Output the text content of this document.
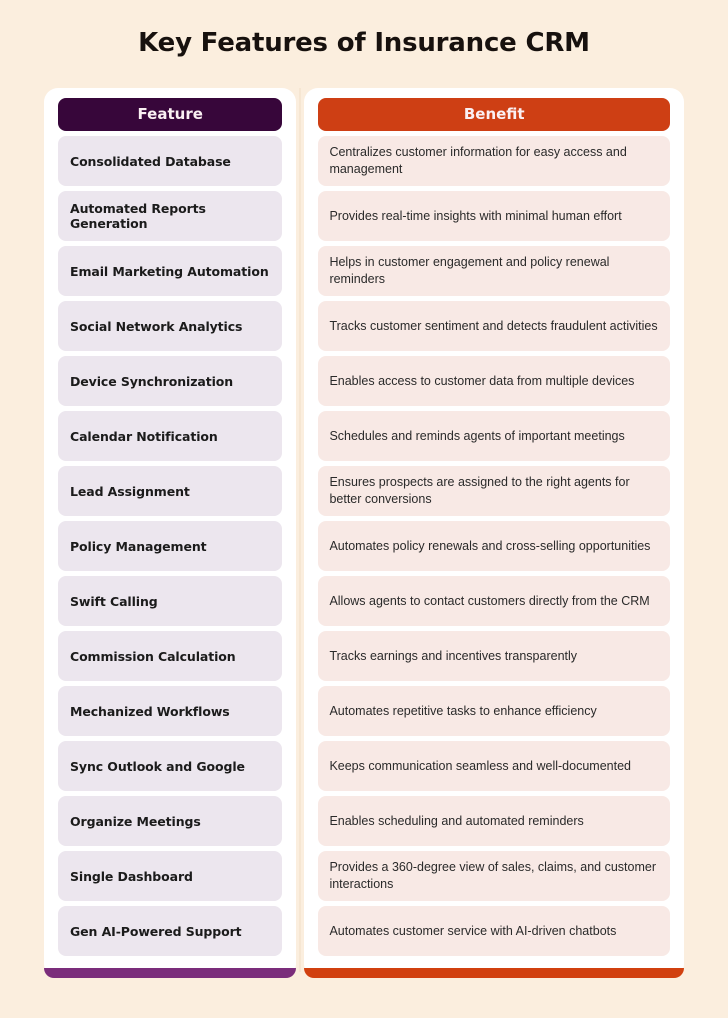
Key Features of Insurance CRM
Feature
Consolidated Database
Automated Reports Generation
Email Marketing Automation
Social Network Analytics
Device Synchronization
Calendar Notification
Lead Assignment
Policy Management
Swift Calling
Commission Calculation
Mechanized Workflows
Sync Outlook and Google
Organize Meetings
Single Dashboard
Gen AI-Powered Support
Benefit
Centralizes customer information for easy access and management
Provides real-time insights with minimal human effort
Helps in customer engagement and policy renewal reminders
Tracks customer sentiment and detects fraudulent activities
Enables access to customer data from multiple devices
Schedules and reminds agents of important meetings
Ensures prospects are assigned to the right agents for better conversions
Automates policy renewals and cross-selling opportunities
Allows agents to contact customers directly from the CRM
Tracks earnings and incentives transparently
Automates repetitive tasks to enhance efficiency
Keeps communication seamless and well-documented
Enables scheduling and automated reminders
Provides a 360-degree view of sales, claims, and customer interactions
Automates customer service with AI-driven chatbots
